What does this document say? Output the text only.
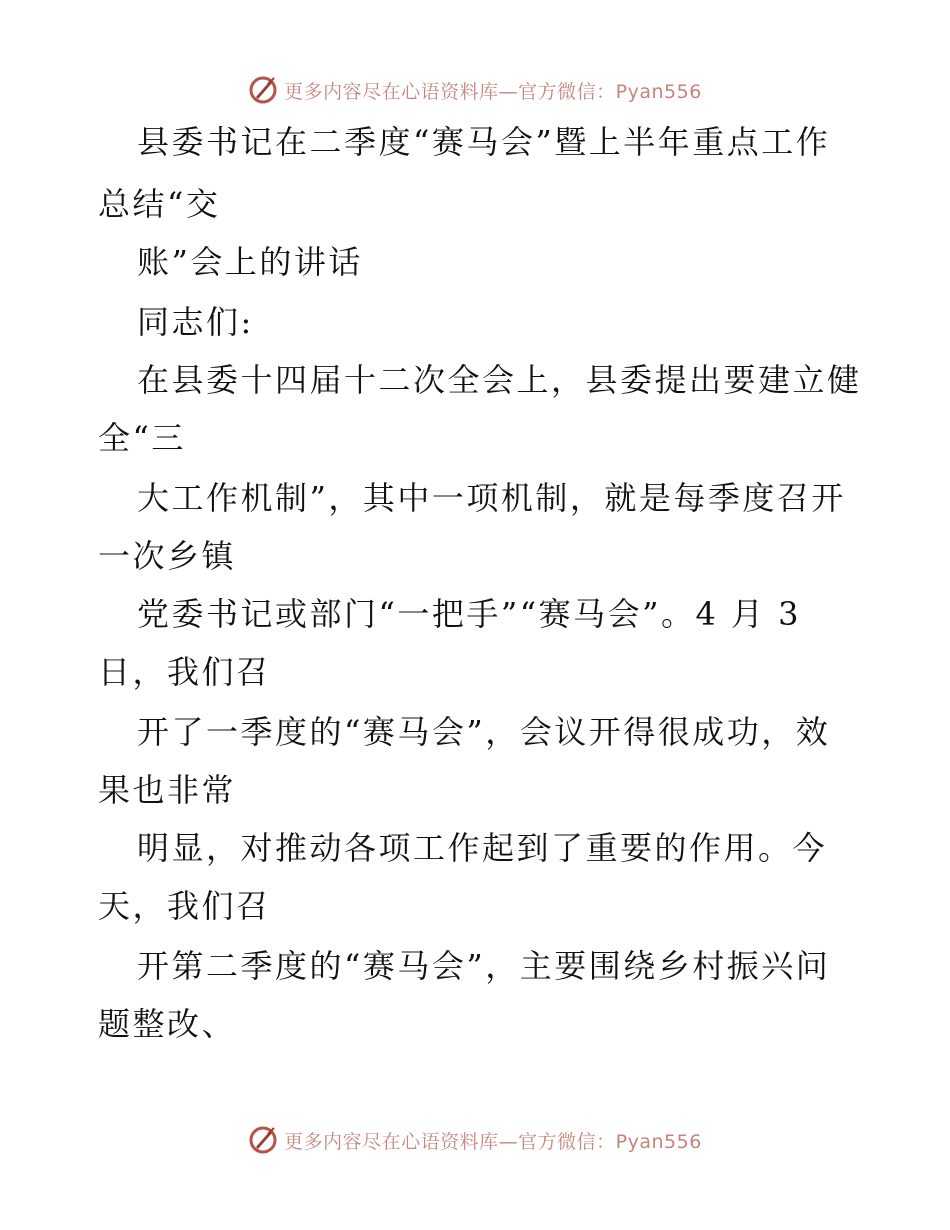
更多内容尽在心语资料库—官方微信：Pyan556
县委书记在二季度“赛马会”暨上半年重点工作
总结“交
账”会上的讲话
同志们:
在县委十四届十二次全会上，县委提出要建立健
全“三
大工作机制”，其中一项机制，就是每季度召开
一次乡镇
党委书记或部门“一把手”“赛马会”。4 月 3
日，我们召
开了一季度的“赛马会”，会议开得很成功，效
果也非常
明显，对推动各项工作起到了重要的作用。今
天，我们召
开第二季度的“赛马会”，主要围绕乡村振兴问
题整改、
更多内容尽在心语资料库—官方微信：Pyan556
